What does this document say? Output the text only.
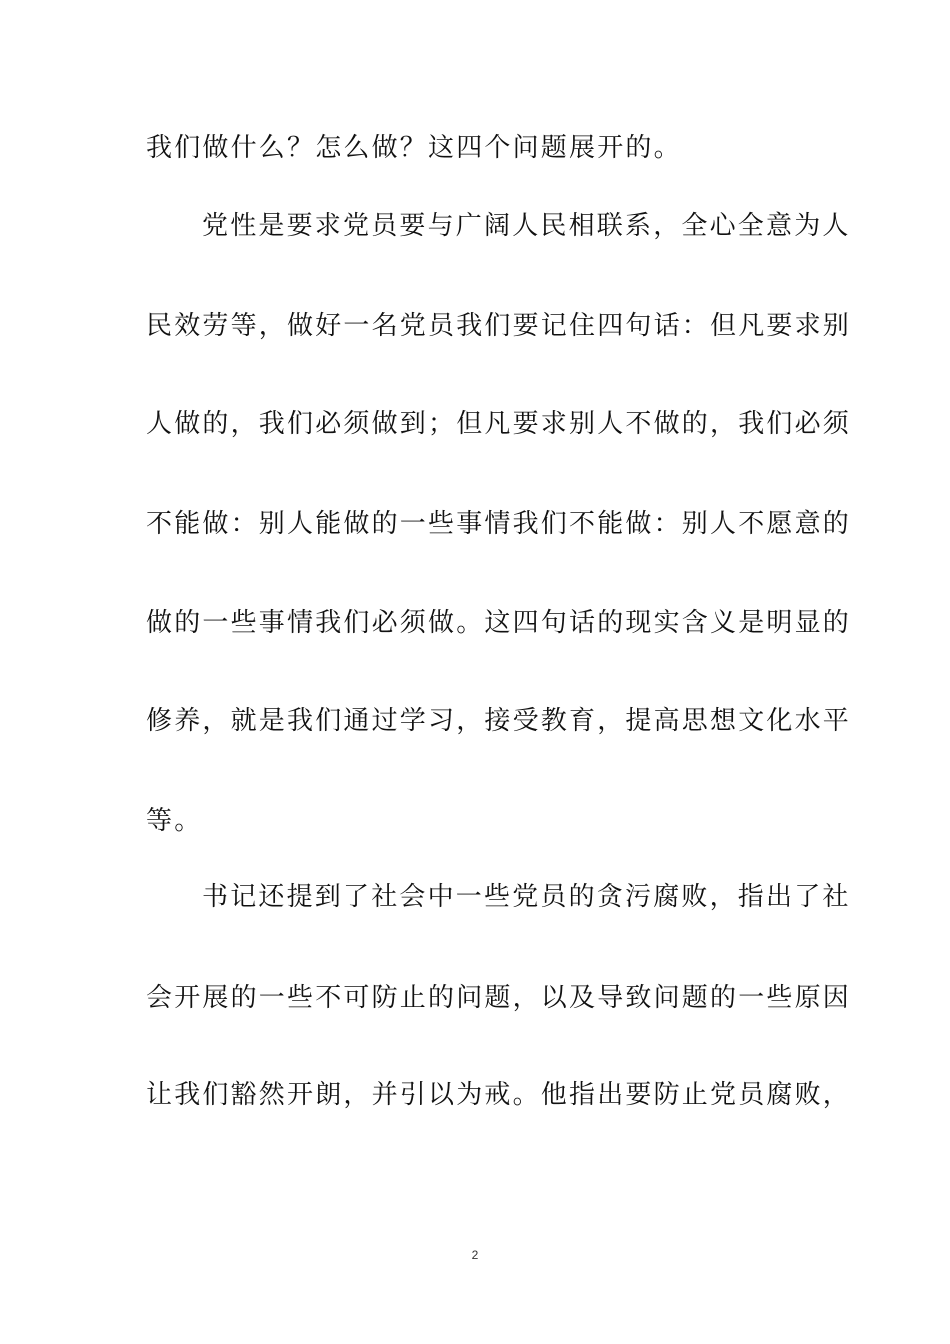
我们做什么？怎么做？这四个问题展开的。
党性是要求党员要与广阔人民相联系，全心全意为人
民效劳等，做好一名党员我们要记住四句话：但凡要求别
人做的，我们必须做到；但凡要求别人不做的，我们必须
不能做：别人能做的一些事情我们不能做：别人不愿意的
做的一些事情我们必须做。这四句话的现实含义是明显的
修养，就是我们通过学习，接受教育，提高思想文化水平
等。
书记还提到了社会中一些党员的贪污腐败，指出了社
会开展的一些不可防止的问题，以及导致问题的一些原因
让我们豁然开朗，并引以为戒。他指出要防止党员腐败，
2
